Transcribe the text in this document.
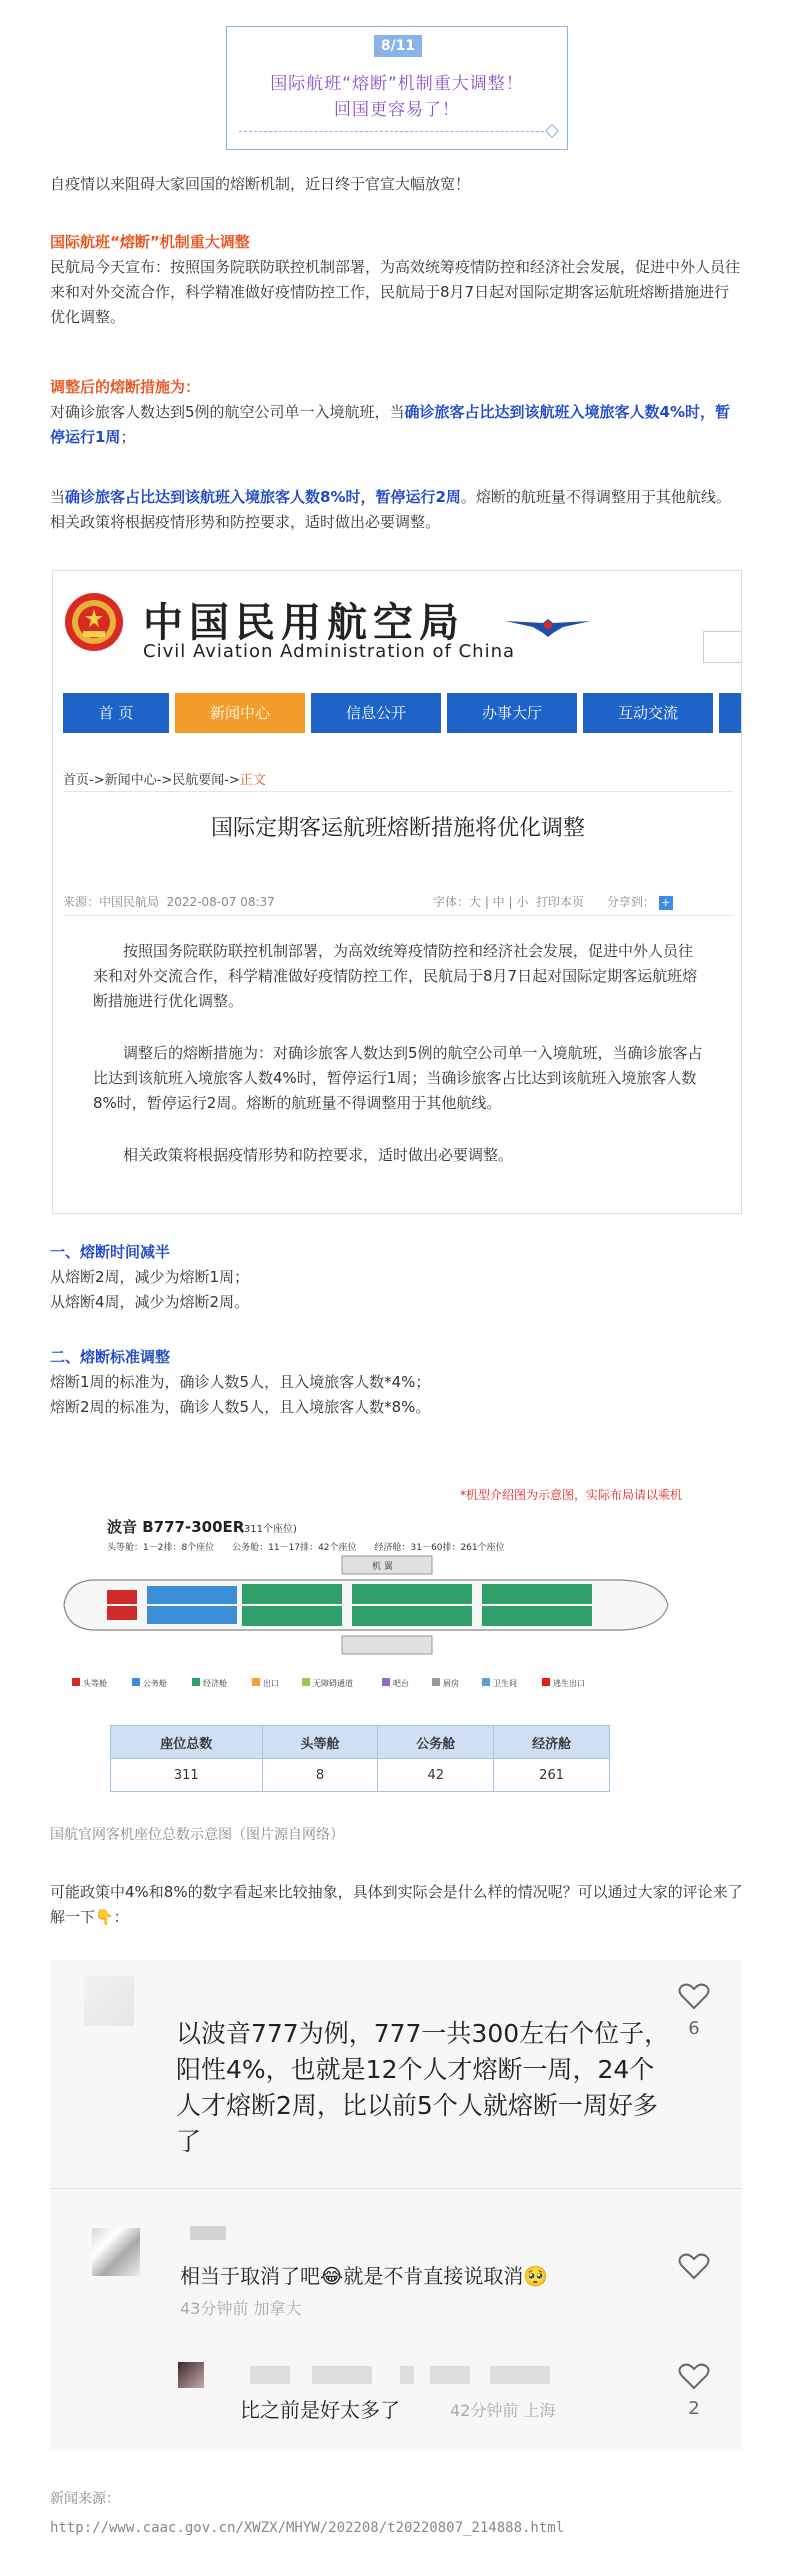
8/11
国际航班“熔断”机制重大调整！
回国更容易了！

自疫情以来阻碍大家回国的熔断机制，近日终于官宣大幅放宽！

国际航班“熔断”机制重大调整

民航局今天宣布：按照国务院联防联控机制部署，为高效统筹疫情防控和经济社会发展，促进中外人员往来和对外交流合作，科学精准做好疫情防控工作，民航局于8月7日起对国际定期客运航班熔断措施进行优化调整。

调整后的熔断措施为：

对确诊旅客人数达到5例的航空公司单一入境航班，当确诊旅客占比达到该航班入境旅客人数4%时，暂停运行1周；

当确诊旅客占比达到该航班入境旅客人数8%时，暂停运行2周。熔断的航班量不得调整用于其他航线。相关政策将根据疫情形势和防控要求，适时做出必要调整。

中国民用航空局
Civil Aviation Administration of China
首 页	新闻中心	信息公开	办事大厅	互动交流
首页->新闻中心->民航要闻->正文
国际定期客运航班熔断措施将优化调整
来源：中国民航局 2022-08-07 08:37	字体：大 | 中 | 小 打印本页 分享到： +

按照国务院联防联控机制部署，为高效统筹疫情防控和经济社会发展，促进中外人员往来和对外交流合作，科学精准做好疫情防控工作，民航局于8月7日起对国际定期客运航班熔断措施进行优化调整。

调整后的熔断措施为：对确诊旅客人数达到5例的航空公司单一入境航班，当确诊旅客占比达到该航班入境旅客人数4%时，暂停运行1周；当确诊旅客占比达到该航班入境旅客人数8%时，暂停运行2周。熔断的航班量不得调整用于其他航线。

相关政策将根据疫情形势和防控要求，适时做出必要调整。

一、熔断时间减半

从熔断2周，减少为熔断1周；

从熔断4周，减少为熔断2周。

二、熔断标准调整

熔断1周的标准为，确诊人数5人，且入境旅客人数*4%；

熔断2周的标准为，确诊人数5人，且入境旅客人数*8%。

*机型介绍图为示意图，实际布局请以乘机
波音 B777-300ER
(311个座位)
头等舱：1－2排：8个座位　　公务舱：11－17排：42个座位　　经济舱：31－60排：261个座位
机 翼
头等舱	公务舱	经济舱	出口	无障碍通道	吧台	厨房	卫生间	逃生出口
座位总数	头等舱	公务舱	经济舱
311	8	42	261
国航官网客机座位总数示意图（图片源自网络）

可能政策中4%和8%的数字看起来比较抽象，具体到实际会是什么样的情况呢？可以通过大家的评论来了解一下👇：

以波音777为例，777一共300左右个位子，阳性4%，也就是12个人才熔断一周，24个人才熔断2周，比以前5个人就熔断一周好多了

6

相当于取消了吧😂就是不肯直接说取消🥺

43分钟前 加拿大

比之前是好太多了	42分钟前 上海	2
新闻来源：
http://www.caac.gov.cn/XWZX/MHYW/202208/t20220807_214888.html
